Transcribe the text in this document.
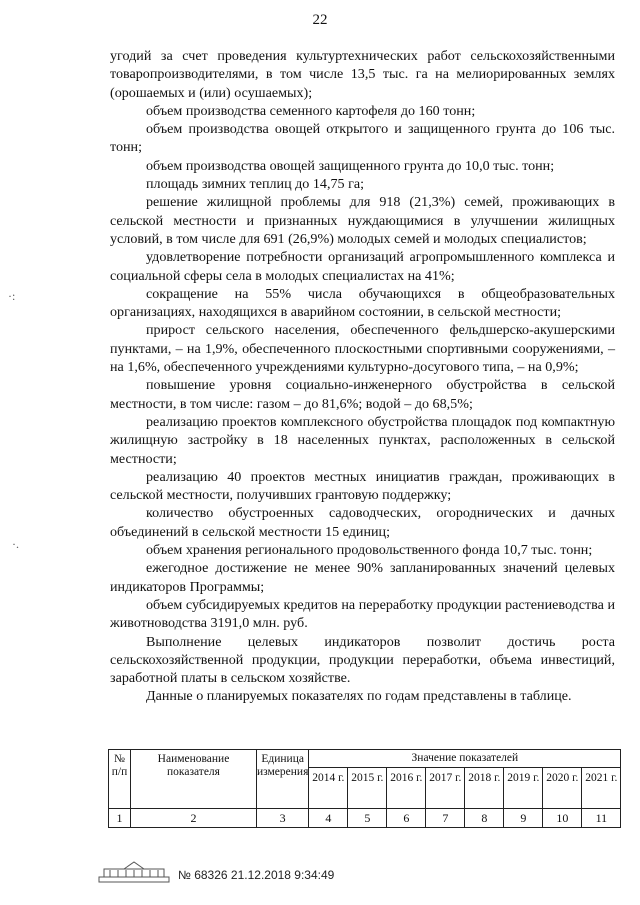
22

угодий за счет проведения культуртехнических работ сельскохозяйственными товаропроизводителями, в том числе 13,5 тыс. га на мелиорированных землях (орошаемых и (или) осушаемых);

объем производства семенного картофеля до 160 тонн;

объем производства овощей открытого и защищенного грунта до 106 тыс. тонн;

объем производства овощей защищенного грунта до 10,0 тыс. тонн;

площадь зимних теплиц до 14,75 га;

решение жилищной проблемы для 918 (21,3%) семей, проживающих в сельской местности и признанных нуждающимися в улучшении жилищных условий, в том числе для 691 (26,9%) молодых семей и молодых специалистов;

удовлетворение потребности организаций агропромышленного комплекса и социальной сферы села в молодых специалистах на 41%;

сокращение на 55% числа обучающихся в общеобразовательных организациях, находящихся в аварийном состоянии, в сельской местности;

прирост сельского населения, обеспеченного фельдшерско-акушерскими пунктами, – на 1,9%, обеспеченного плоскостными спортивными сооружениями, – на 1,6%, обеспеченного учреждениями культурно-досугового типа, – на 0,9%;

повышение уровня социально-инженерного обустройства в сельской местности, в том числе: газом – до 81,6%; водой – до 68,5%;

реализацию проектов комплексного обустройства площадок под компактную жилищную застройку в 18 населенных пунктах, расположенных в сельской местности;

реализацию 40 проектов местных инициатив граждан, проживающих в сельской местности, получивших грантовую поддержку;

количество обустроенных садоводческих, огороднических и дачных объединений в сельской местности 15 единиц;

объем хранения регионального продовольственного фонда 10,7 тыс. тонн;

ежегодное достижение не менее 90% запланированных значений целевых индикаторов Программы;

объем субсидируемых кредитов на переработку продукции растениеводства и животноводства 3191,0 млн. руб.

Выполнение целевых индикаторов позволит достичь роста сельскохозяйственной продукции, продукции переработки, объема инвестиций, заработной платы в сельском хозяйстве.

Данные о планируемых показателях по годам представлены в таблице.

·:
·.
№ п/п	Наименование показателя	Единица измерения	Значение показателей							
			2014 г.	2015 г.	2016 г.	2017 г.	2018 г.	2019 г.	2020 г.	2021 г.
1	2	3	4	5	6	7	8	9	10	11
№ 68326 21.12.2018 9:34:49
